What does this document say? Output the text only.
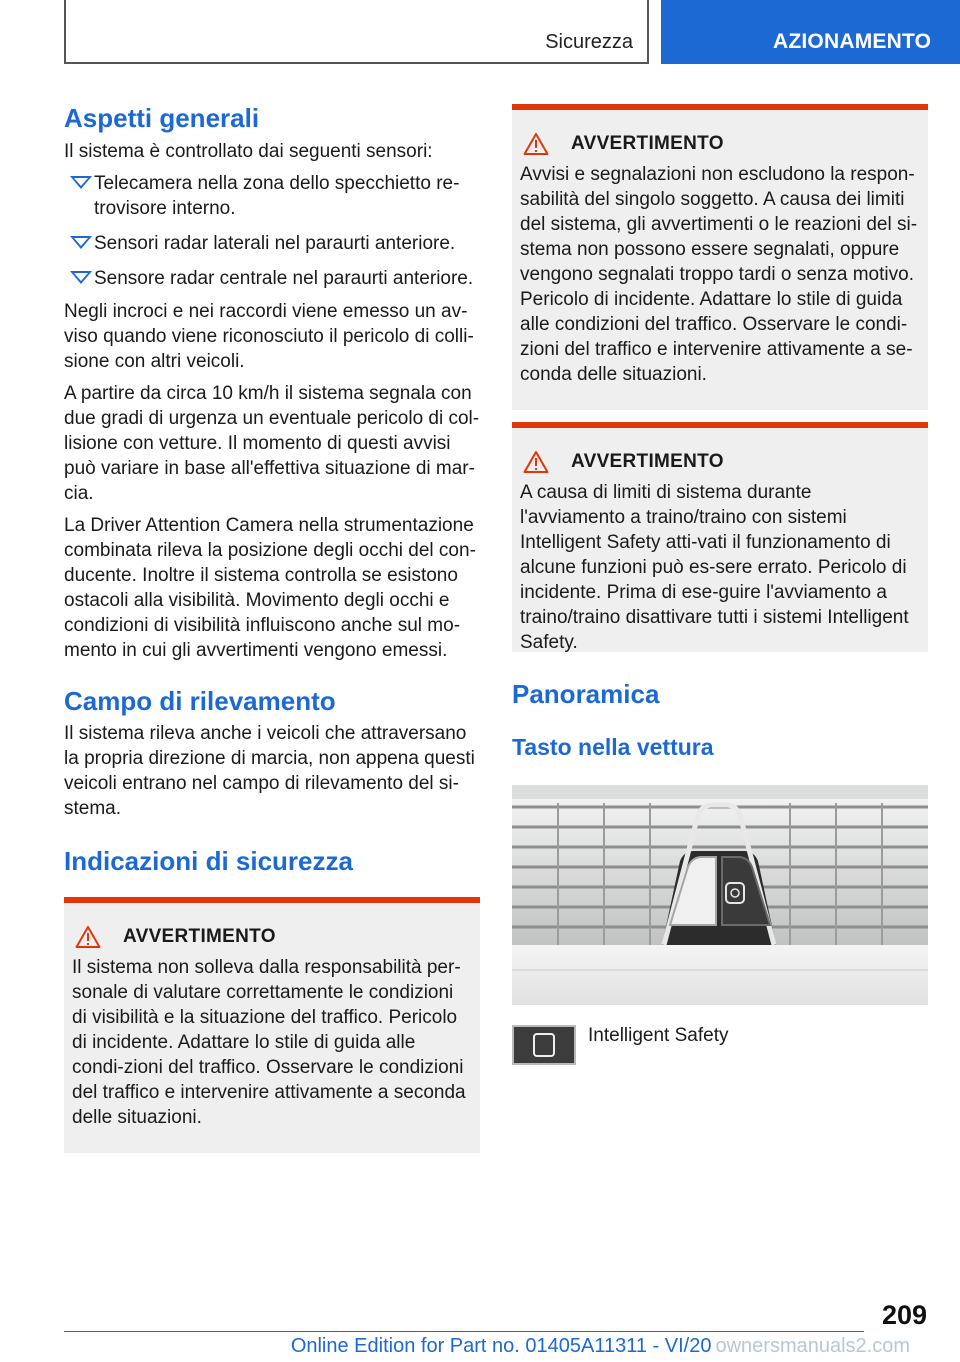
Sicurezza	AZIONAMENTO
Aspetti generali

Il sistema è controllato dai seguenti sensori:

Telecamera nella zona dello specchietto re-trovisore interno.
Sensori radar laterali nel paraurti anteriore.
Sensore radar centrale nel paraurti anteriore.

Negli incroci e nei raccordi viene emesso un av-viso quando viene riconosciuto il pericolo di colli-sione con altri veicoli.

A partire da circa 10 km/h il sistema segnala con due gradi di urgenza un eventuale pericolo di col-lisione con vetture. Il momento di questi avvisi può variare in base all'effettiva situazione di mar-cia.

La Driver Attention Camera nella strumentazione combinata rileva la posizione degli occhi del con-ducente. Inoltre il sistema controlla se esistono ostacoli alla visibilità. Movimento degli occhi e condizioni di visibilità influiscono anche sul mo-mento in cui gli avvertimenti vengono emessi.

Campo di rilevamento

Il sistema rileva anche i veicoli che attraversano la propria direzione di marcia, non appena questi veicoli entrano nel campo di rilevamento del si-stema.

Indicazioni di sicurezza
AVVERTIMENTO

Il sistema non solleva dalla responsabilità per-sonale di valutare correttamente le condizioni di visibilità e la situazione del traffico. Pericolo di incidente. Adattare lo stile di guida alle condi-zioni del traffico. Osservare le condizioni del traffico e intervenire attivamente a seconda delle situazioni.

AVVERTIMENTO

Avvisi e segnalazioni non escludono la respon-sabilità del singolo soggetto. A causa dei limiti del sistema, gli avvertimenti o le reazioni del si-stema non possono essere segnalati, oppure vengono segnalati troppo tardi o senza motivo. Pericolo di incidente. Adattare lo stile di guida alle condizioni del traffico. Osservare le condi-zioni del traffico e intervenire attivamente a se-conda delle situazioni.

AVVERTIMENTO

A causa di limiti di sistema durante l'avviamento a traino/traino con sistemi Intelligent Safety atti-vati il funzionamento di alcune funzioni può es-sere errato. Pericolo di incidente. Prima di ese-guire l'avviamento a traino/traino disattivare tutti i sistemi Intelligent Safety.

Panoramica
Tasto nella vettura
Intelligent Safety
209
Online Edition for Part no. 01405A11311 - VI/20 ownersmanuals2.com
